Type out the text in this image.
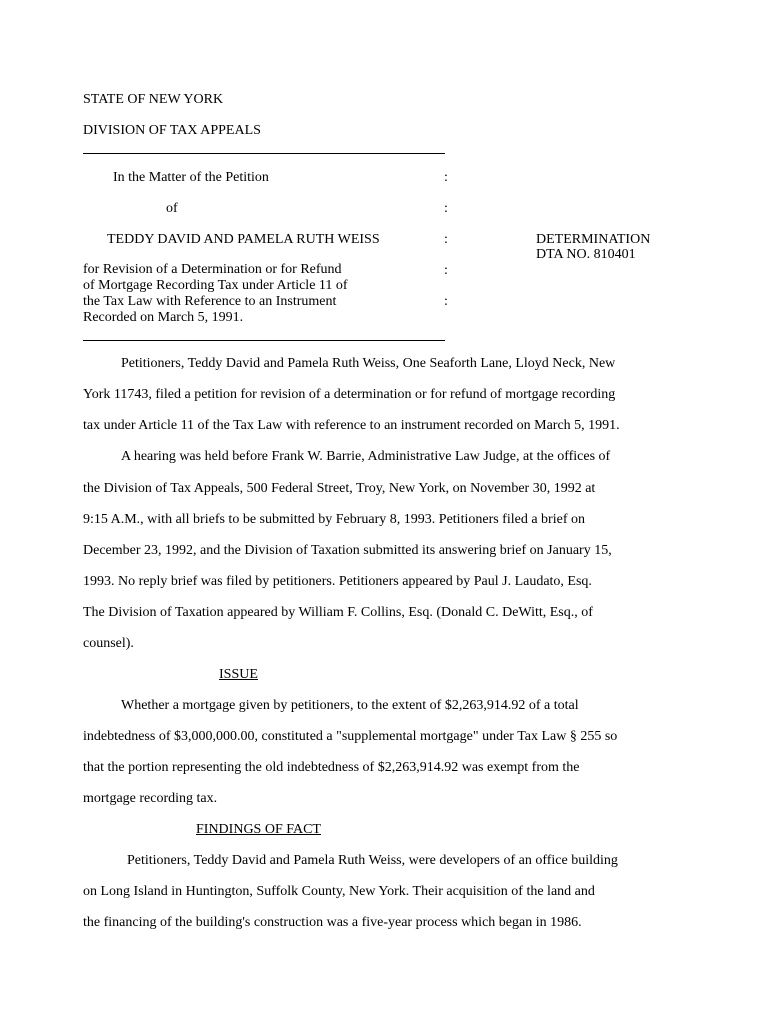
STATE OF NEW YORK
DIVISION OF TAX APPEALS
In the Matter of the Petition
of
TEDDY DAVID AND PAMELA RUTH WEISS
for Revision of a Determination or for Refund
of Mortgage Recording Tax under Article 11 of
the Tax Law with Reference to an Instrument
Recorded on March 5, 1991.
:
:
:
:
:
DETERMINATION
DTA NO. 810401
Petitioners, Teddy David and Pamela Ruth Weiss, One Seaforth Lane, Lloyd Neck, New
York 11743, filed a petition for revision of a determination or for refund of mortgage recording
tax under Article 11 of the Tax Law with reference to an instrument recorded on March 5, 1991.
A hearing was held before Frank W. Barrie, Administrative Law Judge, at the offices of
the Division of Tax Appeals, 500 Federal Street, Troy, New York, on November 30, 1992 at
9:15 A.M., with all briefs to be submitted by February 8, 1993. Petitioners filed a brief on
December 23, 1992, and the Division of Taxation submitted its answering brief on January 15,
1993. No reply brief was filed by petitioners. Petitioners appeared by Paul J. Laudato, Esq.
The Division of Taxation appeared by William F. Collins, Esq. (Donald C. DeWitt, Esq., of
counsel).
ISSUE
Whether a mortgage given by petitioners, to the extent of $2,263,914.92 of a total
indebtedness of $3,000,000.00, constituted a "supplemental mortgage" under Tax Law § 255 so
that the portion representing the old indebtedness of $2,263,914.92 was exempt from the
mortgage recording tax.
FINDINGS OF FACT
Petitioners, Teddy David and Pamela Ruth Weiss, were developers of an office building
on Long Island in Huntington, Suffolk County, New York. Their acquisition of the land and
the financing of the building's construction was a five-year process which began in 1986.
